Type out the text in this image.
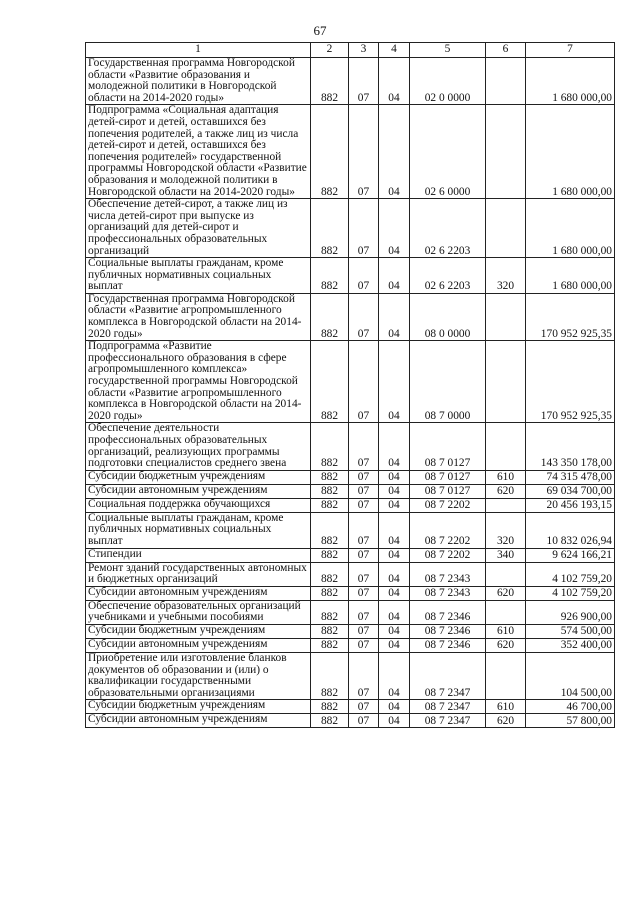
67
1	2	3	4	5	6	7
Государственная программа Новгородской области «Развитие образования и молодежной политики в Новгородской области на 2014-2020 годы»	882	07	04	02 0 0000		1 680 000,00
Подпрограмма «Социальная адаптация детей-сирот и детей, оставшихся без попечения родителей, а также лиц из числа детей-сирот и детей, оставшихся без попечения родителей» государственной программы Новгородской области «Развитие образования и молодежной политики в Новгородской области на 2014-2020 годы»	882	07	04	02 6 0000		1 680 000,00
Обеспечение детей-сирот, а также лиц из числа детей-сирот при выпуске из организаций для детей-сирот и профессиональных образовательных организаций	882	07	04	02 6 2203		1 680 000,00
Социальные выплаты гражданам, кроме публичных нормативных социальных выплат	882	07	04	02 6 2203	320	1 680 000,00
Государственная программа Новгородской области «Развитие агропромышленного комплекса в Новгородской области на 2014-2020 годы»	882	07	04	08 0 0000		170 952 925,35
Подпрограмма «Развитие профессионального образования в сфере агропромышленного комплекса» государственной программы Новгородской области «Развитие агропромышленного комплекса в Новгородской области на 2014-2020 годы»	882	07	04	08 7 0000		170 952 925,35
Обеспечение деятельности профессиональных образовательных организаций, реализующих программы подготовки специалистов среднего звена	882	07	04	08 7 0127		143 350 178,00
Субсидии бюджетным учреждениям	882	07	04	08 7 0127	610	74 315 478,00
Субсидии автономным учреждениям	882	07	04	08 7 0127	620	69 034 700,00
Социальная поддержка обучающихся	882	07	04	08 7 2202		20 456 193,15
Социальные выплаты гражданам, кроме публичных нормативных социальных выплат	882	07	04	08 7 2202	320	10 832 026,94
Стипендии	882	07	04	08 7 2202	340	9 624 166,21
Ремонт зданий государственных автономных и бюджетных организаций	882	07	04	08 7 2343		4 102 759,20
Субсидии автономным учреждениям	882	07	04	08 7 2343	620	4 102 759,20
Обеспечение образовательных организаций учебниками и учебными пособиями	882	07	04	08 7 2346		926 900,00
Субсидии бюджетным учреждениям	882	07	04	08 7 2346	610	574 500,00
Субсидии автономным учреждениям	882	07	04	08 7 2346	620	352 400,00
Приобретение или изготовление бланков документов об образовании и (или) о квалификации государственными образовательными организациями	882	07	04	08 7 2347		104 500,00
Субсидии бюджетным учреждениям	882	07	04	08 7 2347	610	46 700,00
Субсидии автономным учреждениям	882	07	04	08 7 2347	620	57 800,00
